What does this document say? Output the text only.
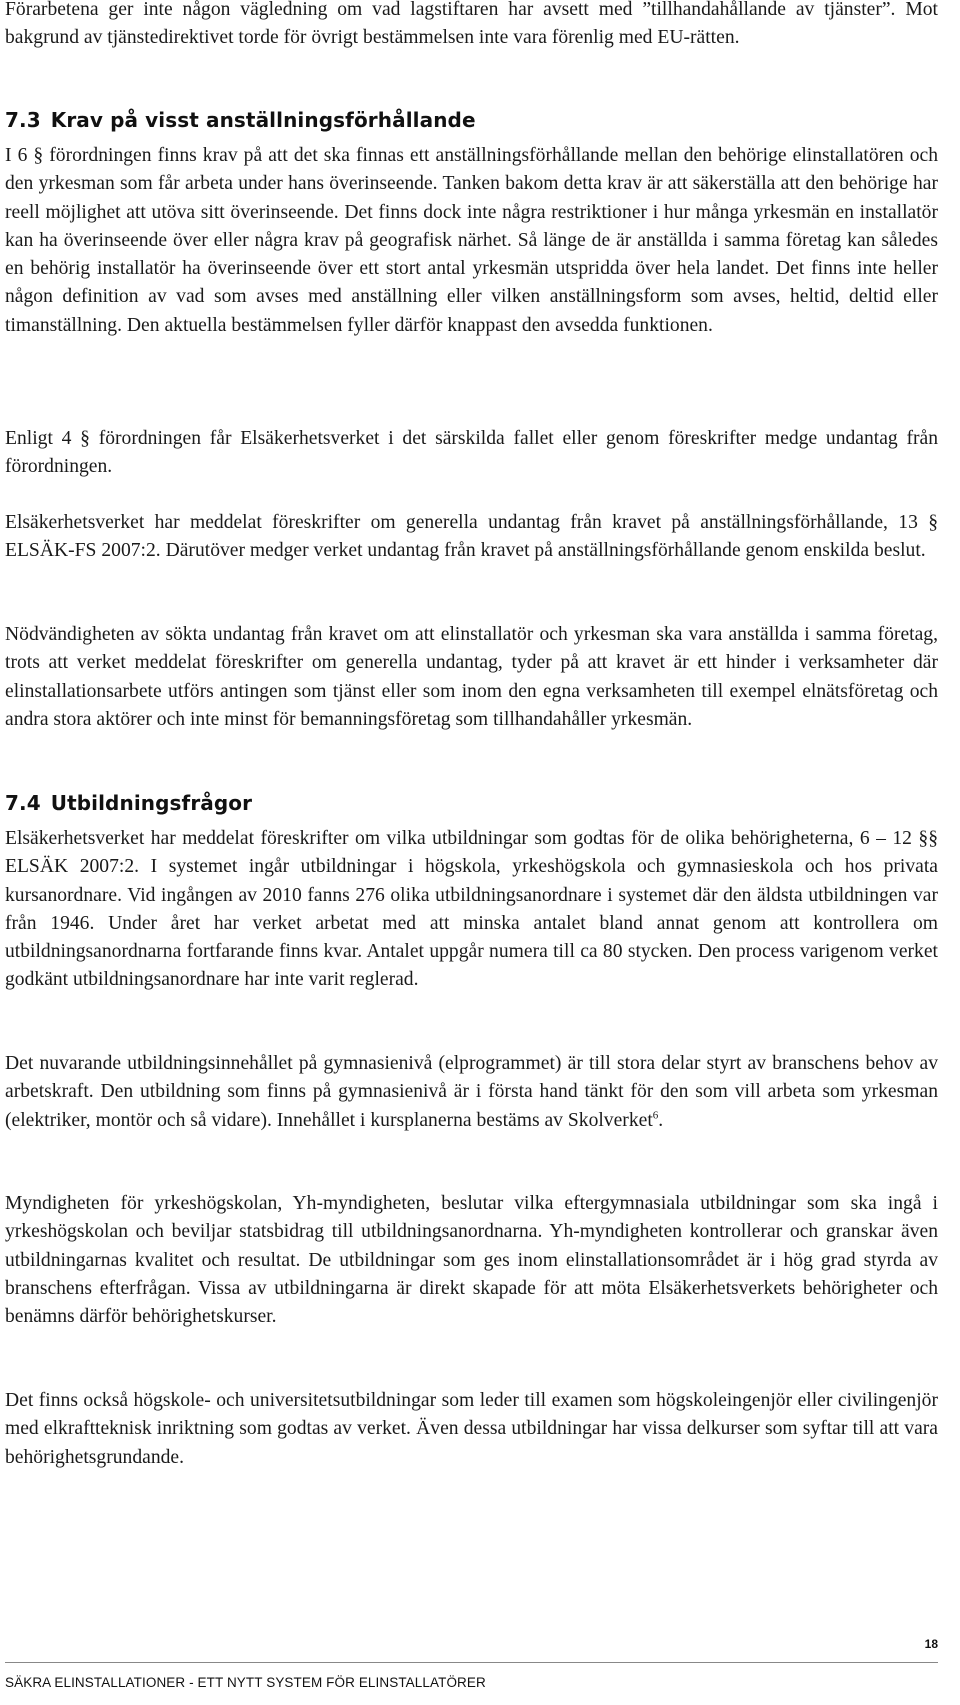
Förarbetena ger inte någon vägledning om vad lagstiftaren har avsett med ”tillhandahållande av tjänster”. Mot bakgrund av tjänstedirektivet torde för övrigt bestämmelsen inte vara förenlig med EU-rätten.

7.3 Krav på visst anställningsförhållande

I 6 § förordningen finns krav på att det ska finnas ett anställningsförhållande mellan den behörige elinstallatören och den yrkesman som får arbeta under hans överinseende. Tanken bakom detta krav är att säkerställa att den behörige har reell möjlighet att utöva sitt överinseende. Det finns dock inte några restriktioner i hur många yrkesmän en installatör kan ha överinseende över eller några krav på geografisk närhet. Så länge de är anställda i samma företag kan således en behörig installatör ha överinseende över ett stort antal yrkesmän utspridda över hela landet. Det finns inte heller någon definition av vad som avses med anställning eller vilken anställningsform som avses, heltid, deltid eller timanställning. Den aktuella bestämmelsen fyller därför knappast den avsedda funktionen.

Enligt 4 § förordningen får Elsäkerhetsverket i det särskilda fallet eller genom föreskrifter medge undantag från förordningen.

Elsäkerhetsverket har meddelat föreskrifter om generella undantag från kravet på anställningsförhållande, 13 § ELSÄK-FS 2007:2. Därutöver medger verket undantag från kravet på anställningsförhållande genom enskilda beslut.

Nödvändigheten av sökta undantag från kravet om att elinstallatör och yrkesman ska vara anställda i samma företag, trots att verket meddelat föreskrifter om generella undantag, tyder på att kravet är ett hinder i verksamheter där elinstallationsarbete utförs antingen som tjänst eller som inom den egna verksamheten till exempel elnätsföretag och andra stora aktörer och inte minst för bemanningsföretag som tillhandahåller yrkesmän.

7.4 Utbildningsfrågor

Elsäkerhetsverket har meddelat föreskrifter om vilka utbildningar som godtas för de olika behörigheterna, 6 – 12 §§ ELSÄK 2007:2. I systemet ingår utbildningar i högskola, yrkeshögskola och gymnasieskola och hos privata kursanordnare. Vid ingången av 2010 fanns 276 olika utbildningsanordnare i systemet där den äldsta utbildningen var från 1946. Under året har verket arbetat med att minska antalet bland annat genom att kontrollera om utbildningsanordnarna fortfarande finns kvar. Antalet uppgår numera till ca 80 stycken. Den process varigenom verket godkänt utbildningsanordnare har inte varit reglerad.

Det nuvarande utbildningsinnehållet på gymnasienivå (elprogrammet) är till stora delar styrt av branschens behov av arbetskraft. Den utbildning som finns på gymnasienivå är i första hand tänkt för den som vill arbeta som yrkesman (elektriker, montör och så vidare). Innehållet i kursplanerna bestäms av Skolverket$^6$.

Myndigheten för yrkeshögskolan, Yh-myndigheten, beslutar vilka eftergymnasiala utbildningar som ska ingå i yrkeshögskolan och beviljar statsbidrag till utbildningsanordnarna. Yh-myndigheten kontrollerar och granskar även utbildningarnas kvalitet och resultat. De utbildningar som ges inom elinstallationsområdet är i hög grad styrda av branschens efterfrågan. Vissa av utbildningarna är direkt skapade för att möta Elsäkerhetsverkets behörigheter och benämns därför behörighetskurser.

Det finns också högskole- och universitetsutbildningar som leder till examen som högskoleingenjör eller civilingenjör med elkraftteknisk inriktning som godtas av verket. Även dessa utbildningar har vissa delkurser som syftar till att vara behörighetsgrundande.

18
SÄKRA ELINSTALLATIONER - ETT NYTT SYSTEM FÖR ELINSTALLATÖRER
